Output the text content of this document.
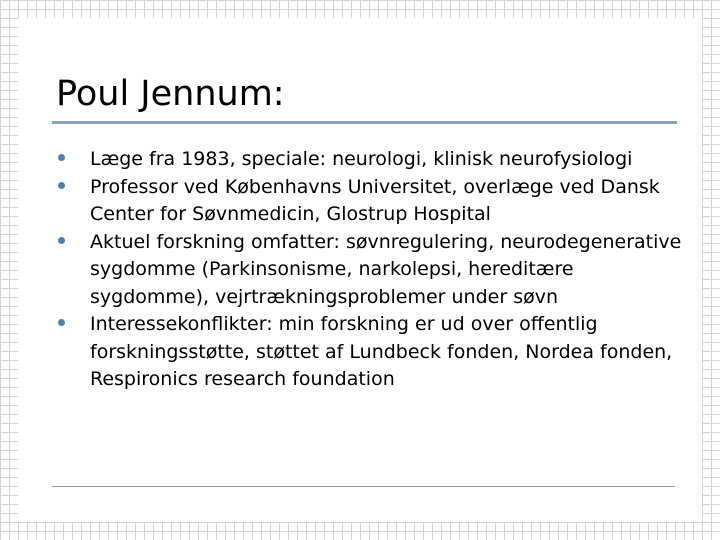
Poul Jennum:
Læge fra 1983, speciale: neurologi, klinisk neurofysiologi
Professor ved Københavns Universitet, overlæge ved Dansk Center for Søvnmedicin, Glostrup Hospital
Aktuel forskning omfatter: søvnregulering, neurodegenerative sygdomme (Parkinsonisme, narkolepsi, hereditære sygdomme), vejrtrækningsproblemer under søvn
Interessekonflikter: min forskning er ud over offentlig forskningsstøtte, støttet af Lundbeck fonden, Nordea fonden, Respironics research foundation
